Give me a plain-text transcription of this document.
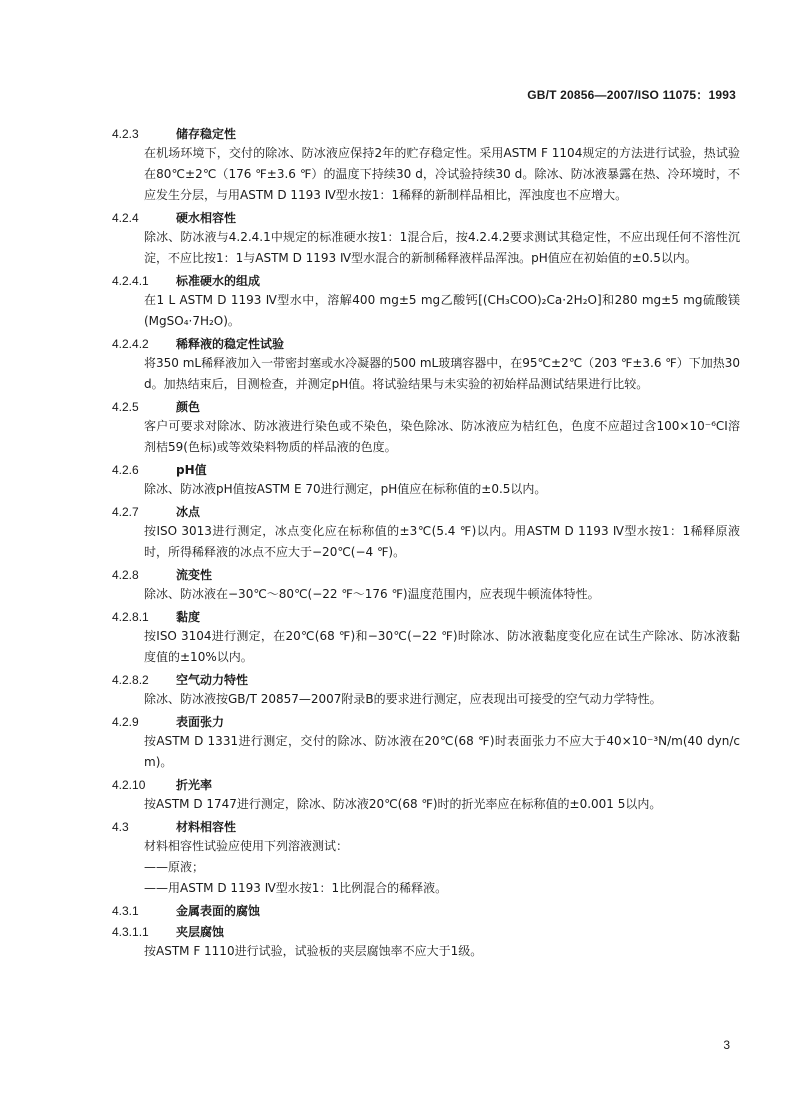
GB/T 20856—2007/ISO 11075：1993
4.2.3	储存稳定性

在机场环境下，交付的除冰、防冰液应保持2年的贮存稳定性。采用ASTM F 1104规定的方法进行试验，热试验在80℃±2℃（176 ℉±3.6 ℉）的温度下持续30 d，冷试验持续30 d。除冰、防冰液暴露在热、冷环境时，不应发生分层，与用ASTM D 1193 Ⅳ型水按1：1稀释的新制样品相比，浑浊度也不应增大。

4.2.4	硬水相容性

除冰、防冰液与4.2.4.1中规定的标准硬水按1：1混合后，按4.2.4.2要求测试其稳定性，不应出现任何不溶性沉淀，不应比按1：1与ASTM D 1193 Ⅳ型水混合的新制稀释液样品浑浊。pH值应在初始值的±0.5以内。

4.2.4.1 标准硬水的组成

在1 L ASTM D 1193 Ⅳ型水中，溶解400 mg±5 mg乙酸钙[(CH₃COO)₂Ca·2H₂O]和280 mg±5 mg硫酸镁(MgSO₄·7H₂O)。

4.2.4.2 稀释液的稳定性试验

将350 mL稀释液加入一带密封塞或水冷凝器的500 mL玻璃容器中，在95℃±2℃（203 ℉±3.6 ℉）下加热30 d。加热结束后，目测检查，并测定pH值。将试验结果与未实验的初始样品测试结果进行比较。

4.2.5	颜色

客户可要求对除冰、防冰液进行染色或不染色，染色除冰、防冰液应为桔红色，色度不应超过含100×10⁻⁶CI溶剂桔59(色标)或等效染料物质的样品液的色度。

4.2.6	pH值

除冰、防冰液pH值按ASTM E 70进行测定，pH值应在标称值的±0.5以内。

4.2.7	冰点

按ISO 3013进行测定，冰点变化应在标称值的±3℃(5.4 ℉)以内。用ASTM D 1193 Ⅳ型水按1：1稀释原液时，所得稀释液的冰点不应大于−20℃(−4 ℉)。

4.2.8	流变性

除冰、防冰液在−30℃～80℃(−22 ℉～176 ℉)温度范围内，应表现牛顿流体特性。

4.2.8.1 黏度

按ISO 3104进行测定，在20℃(68 ℉)和−30℃(−22 ℉)时除冰、防冰液黏度变化应在试生产除冰、防冰液黏度值的±10%以内。

4.2.8.2 空气动力特性

除冰、防冰液按GB/T 20857—2007附录B的要求进行测定，应表现出可接受的空气动力学特性。

4.2.9	表面张力

按ASTM D 1331进行测定，交付的除冰、防冰液在20℃(68 ℉)时表面张力不应大于40×10⁻³N/m(40 dyn/cm)。

4.2.10	折光率

按ASTM D 1747进行测定，除冰、防冰液20℃(68 ℉)时的折光率应在标称值的±0.001 5以内。

4.3	材料相容性

材料相容性试验应使用下列溶液测试：

——原液；
——用ASTM D 1193 Ⅳ型水按1：1比例混合的稀释液。
4.3.1	金属表面的腐蚀
4.3.1.1 夹层腐蚀

按ASTM F 1110进行试验，试验板的夹层腐蚀率不应大于1级。

3
